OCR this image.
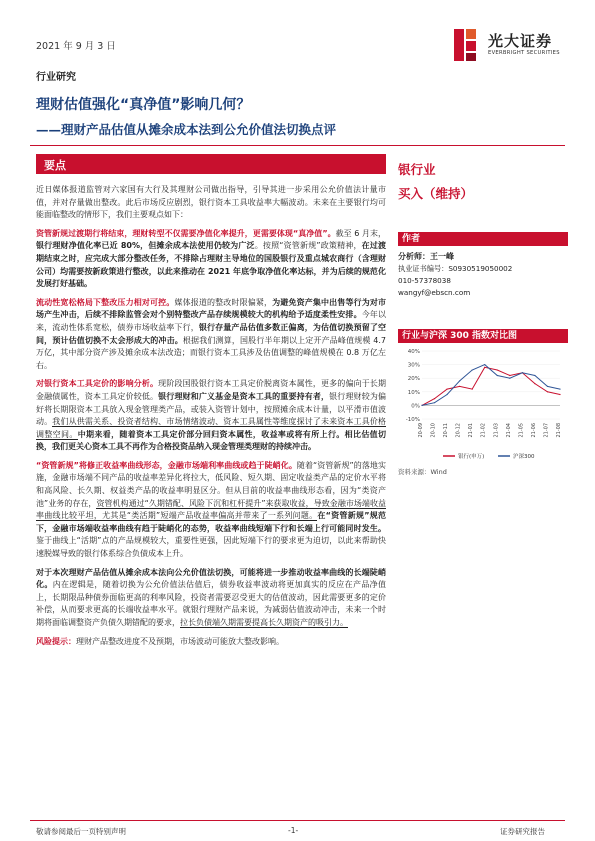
2021 年 9 月 3 日	光大证券
EVERBRIGHT SECURITIES
行业研究
理财估值强化“真净值”影响几何？
——理财产品估值从摊余成本法到公允价值法切换点评
要点

近日媒体报道监管对六家国有大行及其理财公司做出指导，引导其进一步采用公允价值法计量市值，并对存量做出整改。此后市场反应剧烈，银行资本工具收益率大幅波动。未来在主要银行均可能面临整改的情形下，我们主要观点如下：

资管新规过渡期行将结束，理财转型不仅需要净值化率提升，更需要体现“真净值”。截至 6 月末，银行理财净值化率已近 80%，但摊余成本法使用仍较为广泛。按照“资管新规”政策精神，在过渡期结束之时，应完成大部分整改任务，不排除占理财主导地位的国股银行及重点城农商行（含理财公司）均需要按新政策进行整改，以此来推动在 2021 年底争取净值化率达标，并为后续的规范化发展打好基础。

流动性宽松格局下整改压力相对可控。媒体报道的整改时限偏紧，为避免资产集中出售等行为对市场产生冲击，后续不排除监管会对个别特整改产品存续规模较大的机构给予适度柔性安排。今年以来，流动性体系宽松，债券市场收益率下行，银行存量产品估值多数正偏离，为估值切换预留了空间，预计估值切换不太会形成大的冲击。根据我们测算，国股行半年期以上定开产品峰值规模 4.7 万亿，其中部分资产涉及摊余成本法改造；而银行资本工具涉及估值调整的峰值规模在 0.8 万亿左右。

对银行资本工具定价的影响分析。现阶段国股银行资本工具定价脱离资本属性，更多的偏向于长期金融债属性，资本工具定价较低。银行理财和广义基金是资本工具的重要持有者，银行理财较为偏好将长期限资本工具放入现金管理类产品，或装入资管计划中，按照摊余成本计量，以平滑市值波动。我们从供需关系、投资者结构、市场情绪波动、资本工具属性等维度探讨了未来资本工具价格调整空间。中期来看，随着资本工具定价部分回归资本属性，收益率或将有所上行。相比估值切换，我们更关心资本工具不再作为合格投资品纳入现金管理类理财的持续冲击。

“资管新规”将修正收益率曲线形态，金融市场端利率曲线或趋于陡峭化。随着“资管新规”的落地实施，金融市场端不同产品的收益率差异化将拉大，低风险、短久期、固定收益类产品的定价水平将和高风险、长久期、权益类产品的收益率明显区分。但从目前的收益率曲线形态看，因为“类资产池”业务的存在，资管机构通过“久期错配、风险下沉和杠杆提升”来获取收益，导致金融市场端收益率曲线比较平坦，尤其是“类活期”短端产品收益率偏高并带来了一系列问题。在“资管新规”规范下，金融市场端收益率曲线有趋于陡峭化的态势，收益率曲线短端下行和长端上行可能同时发生。鉴于曲线上“活期”点的产品规模较大，重要性更强，因此短端下行的要求更为迫切，以此来帮助快速脱媒导致的银行体系综合负债成本上升。

对于本次理财产品估值从摊余成本法向公允价值法切换，可能将进一步推动收益率曲线的长端陡峭化。内在逻辑是，随着切换为公允价值法估值后，债券收益率波动将更加真实的反应在产品净值上，长期限品种债券面临更高的利率风险，投资者需要忍受更大的估值波动，因此需要更多的定价补偿，从而要求更高的长端收益率水平。就银行理财产品来说，为减弱估值波动冲击，未来一个时期将面临调整资产负债久期错配的要求，拉长负债端久期需要提高长久期资产的吸引力。

风险提示：理财产品整改进度不及预期，市场波动可能放大整改影响。

银行业
买入（维持）
作者
分析师：王一峰
执业证书编号：S0930519050002
010-57378038
wangyf@ebscn.com
行业与沪深 300 指数对比图
40%
30%
20%
10%
0%
-10%
20-09 20-10 20-11 20-12 21-01 21-02 21-03 21-04 21-05 21-06 21-07 21-08
银行(申万)	沪深300
资料来源：Wind
敬请参阅最后一页特别声明	-1-	证券研究报告
